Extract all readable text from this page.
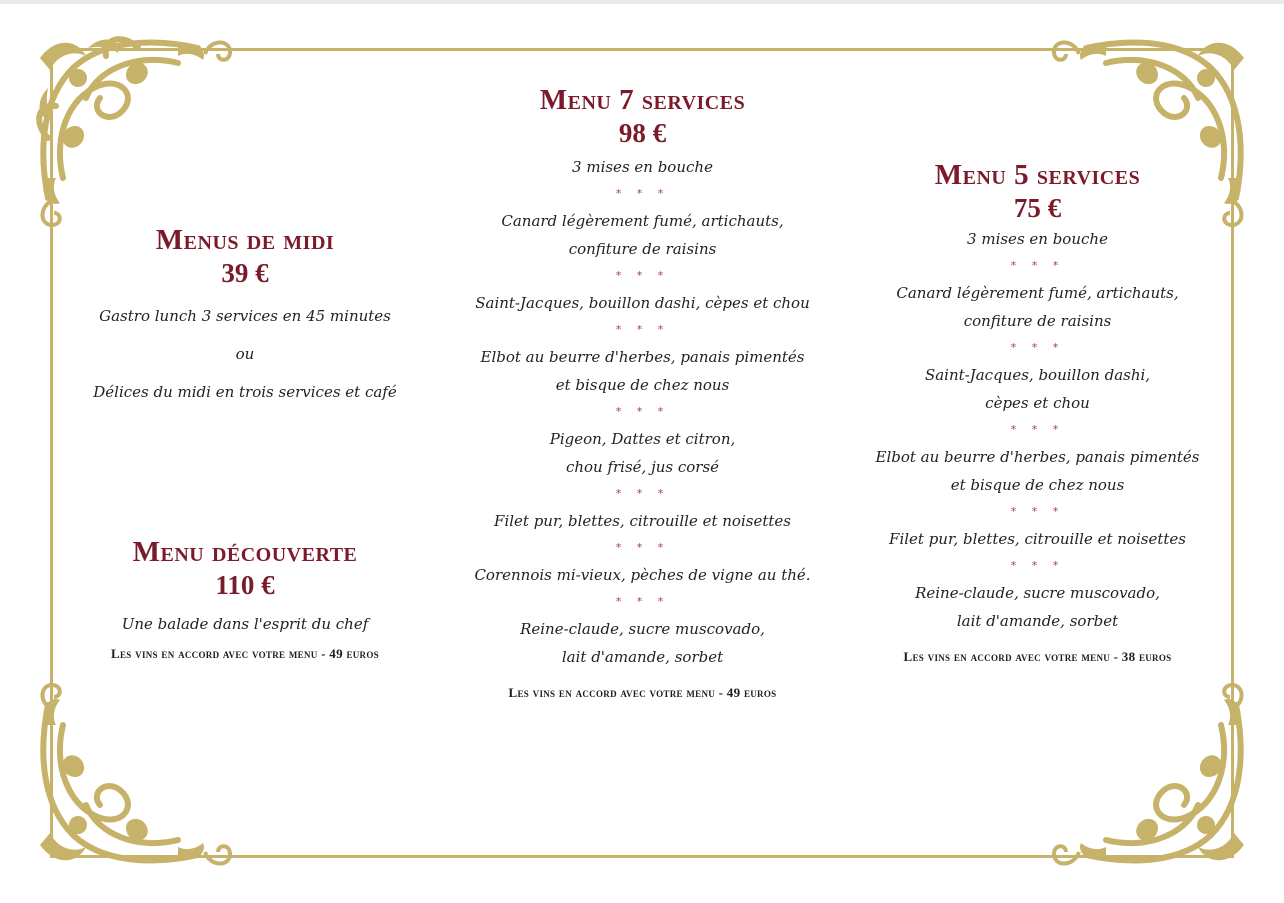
Menus de midi
39 €
Gastro lunch 3 services en 45 minutes
ou
Délices du midi en trois services et café
Menu découverte
110 €
Une balade dans l'esprit du chef
Les vins en accord avec votre menu - 49 euros
Menu 7 services
98 €
3 mises en bouche
* * *
Canard légèrement fumé, artichauts,
confiture de raisins
* * *
Saint-Jacques, bouillon dashi, cèpes et chou
* * *
Elbot au beurre d'herbes, panais pimentés
et bisque de chez nous
* * *
Pigeon, Dattes et citron,
chou frisé, jus corsé
* * *
Filet pur, blettes, citrouille et noisettes
* * *
Corennois mi-vieux, pèches de vigne au thé.
* * *
Reine-claude, sucre muscovado,
lait d'amande, sorbet
Les vins en accord avec votre menu - 49 euros
Menu 5 services
75 €
3 mises en bouche
* * *
Canard légèrement fumé, artichauts,
confiture de raisins
* * *
Saint-Jacques, bouillon dashi,
cèpes et chou
* * *
Elbot au beurre d'herbes, panais pimentés
et bisque de chez nous
* * *
Filet pur, blettes, citrouille et noisettes
* * *
Reine-claude, sucre muscovado,
lait d'amande, sorbet
Les vins en accord avec votre menu - 38 euros
